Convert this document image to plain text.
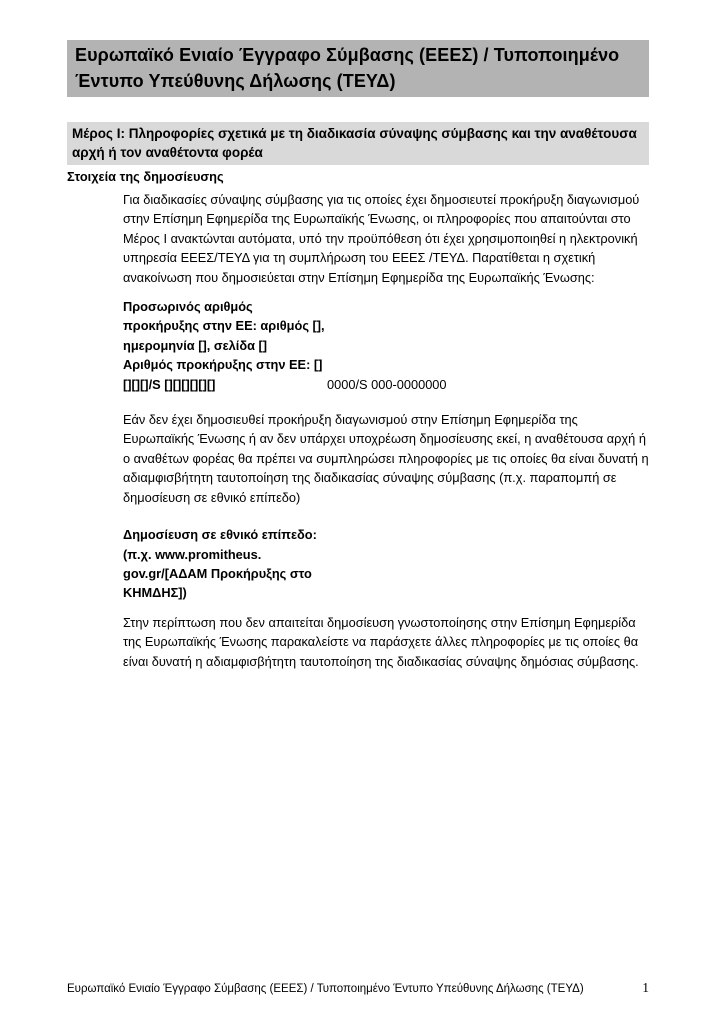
Ευρωπαϊκό Ενιαίο Έγγραφο Σύμβασης (ΕΕΕΣ) / Τυποποιημένο Έντυπο Υπεύθυνης Δήλωσης (ΤΕΥΔ)
Μέρος Ι: Πληροφορίες σχετικά με τη διαδικασία σύναψης σύμβασης και την αναθέτουσα αρχή ή τον αναθέτοντα φορέα
Στοιχεία της δημοσίευσης

Για διαδικασίες σύναψης σύμβασης για τις οποίες έχει δημοσιευτεί προκήρυξη διαγωνισμού στην Επίσημη Εφημερίδα της Ευρωπαϊκής Ένωσης, οι πληροφορίες που απαιτούνται στο Μέρος Ι ανακτώνται αυτόματα, υπό την προϋπόθεση ότι έχει χρησιμοποιηθεί η ηλεκτρονική υπηρεσία ΕΕΕΣ/ΤΕΥΔ για τη συμπλήρωση του ΕΕΕΣ /ΤΕΥΔ. Παρατίθεται η σχετική ανακοίνωση που δημοσιεύεται στην Επίσημη Εφημερίδα της Ευρωπαϊκής Ένωσης:

Προσωρινός αριθμός προκήρυξης στην ΕΕ: αριθμός [], ημερομηνία [], σελίδα []
Αριθμός προκήρυξης στην ΕΕ: [][][][]/S [][][][][][]	0000/S 000-0000000

Εάν δεν έχει δημοσιευθεί προκήρυξη διαγωνισμού στην Επίσημη Εφημερίδα της Ευρωπαϊκής Ένωσης ή αν δεν υπάρχει υποχρέωση δημοσίευσης εκεί, η αναθέτουσα αρχή ή ο αναθέτων φορέας θα πρέπει να συμπληρώσει πληροφορίες με τις οποίες θα είναι δυνατή η αδιαμφισβήτητη ταυτοποίηση της διαδικασίας σύναψης σύμβασης (π.χ. παραπομπή σε δημοσίευση σε εθνικό επίπεδο)

Δημοσίευση σε εθνικό επίπεδο: (π.χ. www.promitheus. gov.gr/[ΑΔΑΜ Προκήρυξης στο ΚΗΜΔΗΣ])

Στην περίπτωση που δεν απαιτείται δημοσίευση γνωστοποίησης στην Επίσημη Εφημερίδα της Ευρωπαϊκής Ένωσης παρακαλείστε να παράσχετε άλλες πληροφορίες με τις οποίες θα είναι δυνατή η αδιαμφισβήτητη ταυτοποίηση της διαδικασίας σύναψης δημόσιας σύμβασης.

Ευρωπαϊκό Ενιαίο Έγγραφο Σύμβασης (ΕΕΕΣ) / Τυποποιημένο Έντυπο Υπεύθυνης Δήλωσης (ΤΕΥΔ)	1
